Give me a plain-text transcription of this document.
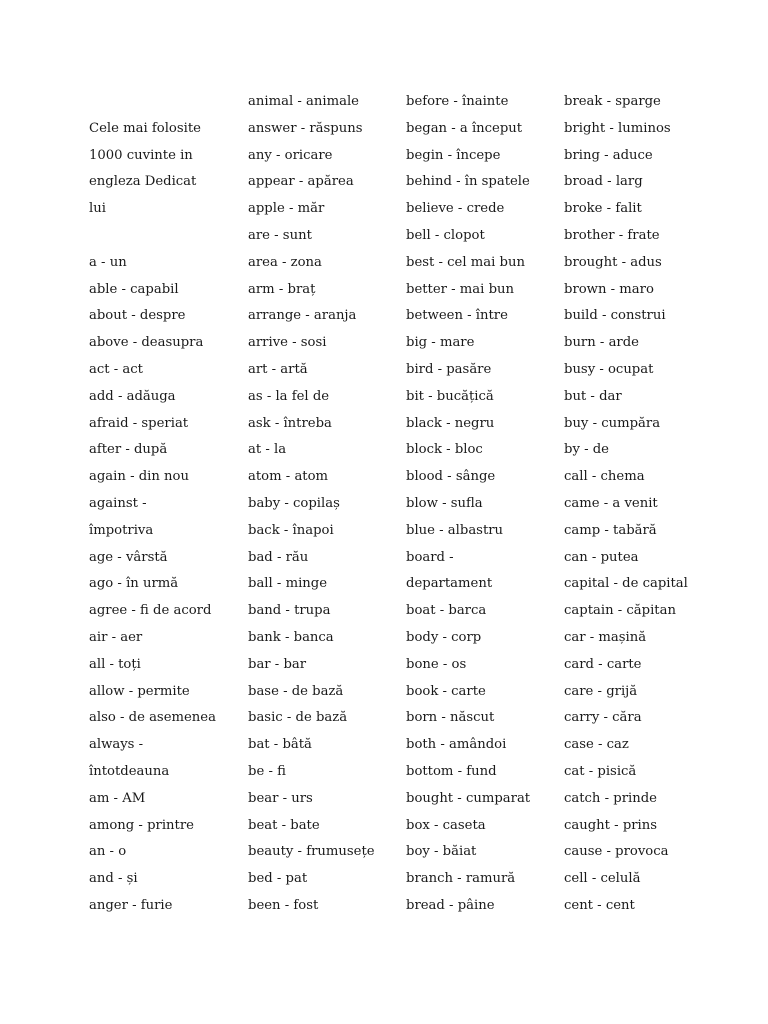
Cele mai folosite
1000 cuvinte in
engleza Dedicat
lui
a - un
able - capabil
about - despre
above - deasupra
act - act
add - adăuga
afraid - speriat
after - după
again - din nou
against -
împotriva
age - vârstă
ago - în urmă
agree - fi de acord
air - aer
all - toți
allow - permite
also - de asemenea
always -
întotdeauna
am - AM
among - printre
an - o
and - și
anger - furie
animal - animale
answer - răspuns
any - oricare
appear - apărea
apple - măr
are - sunt
area - zona
arm - braț
arrange - aranja
arrive - sosi
art - artă
as - la fel de
ask - întreba
at - la
atom - atom
baby - copilaș
back - înapoi
bad - rău
ball - minge
band - trupa
bank - banca
bar - bar
base - de bază
basic - de bază
bat - bâtă
be - fi
bear - urs
beat - bate
beauty - frumusețe
bed - pat
been - fost
before - înainte
began - a început
begin - începe
behind - în spatele
believe - crede
bell - clopot
best - cel mai bun
better - mai bun
between - între
big - mare
bird - pasăre
bit - bucățică
black - negru
block - bloc
blood - sânge
blow - sufla
blue - albastru
board -
departament
boat - barca
body - corp
bone - os
book - carte
born - născut
both - amândoi
bottom - fund
bought - cumparat
box - caseta
boy - băiat
branch - ramură
bread - pâine
break - sparge
bright - luminos
bring - aduce
broad - larg
broke - falit
brother - frate
brought - adus
brown - maro
build - construi
burn - arde
busy - ocupat
but - dar
buy - cumpăra
by - de
call - chema
came - a venit
camp - tabără
can - putea
capital - de capital
captain - căpitan
car - mașină
card - carte
care - grijă
carry - căra
case - caz
cat - pisică
catch - prinde
caught - prins
cause - provoca
cell - celulă
cent - cent
